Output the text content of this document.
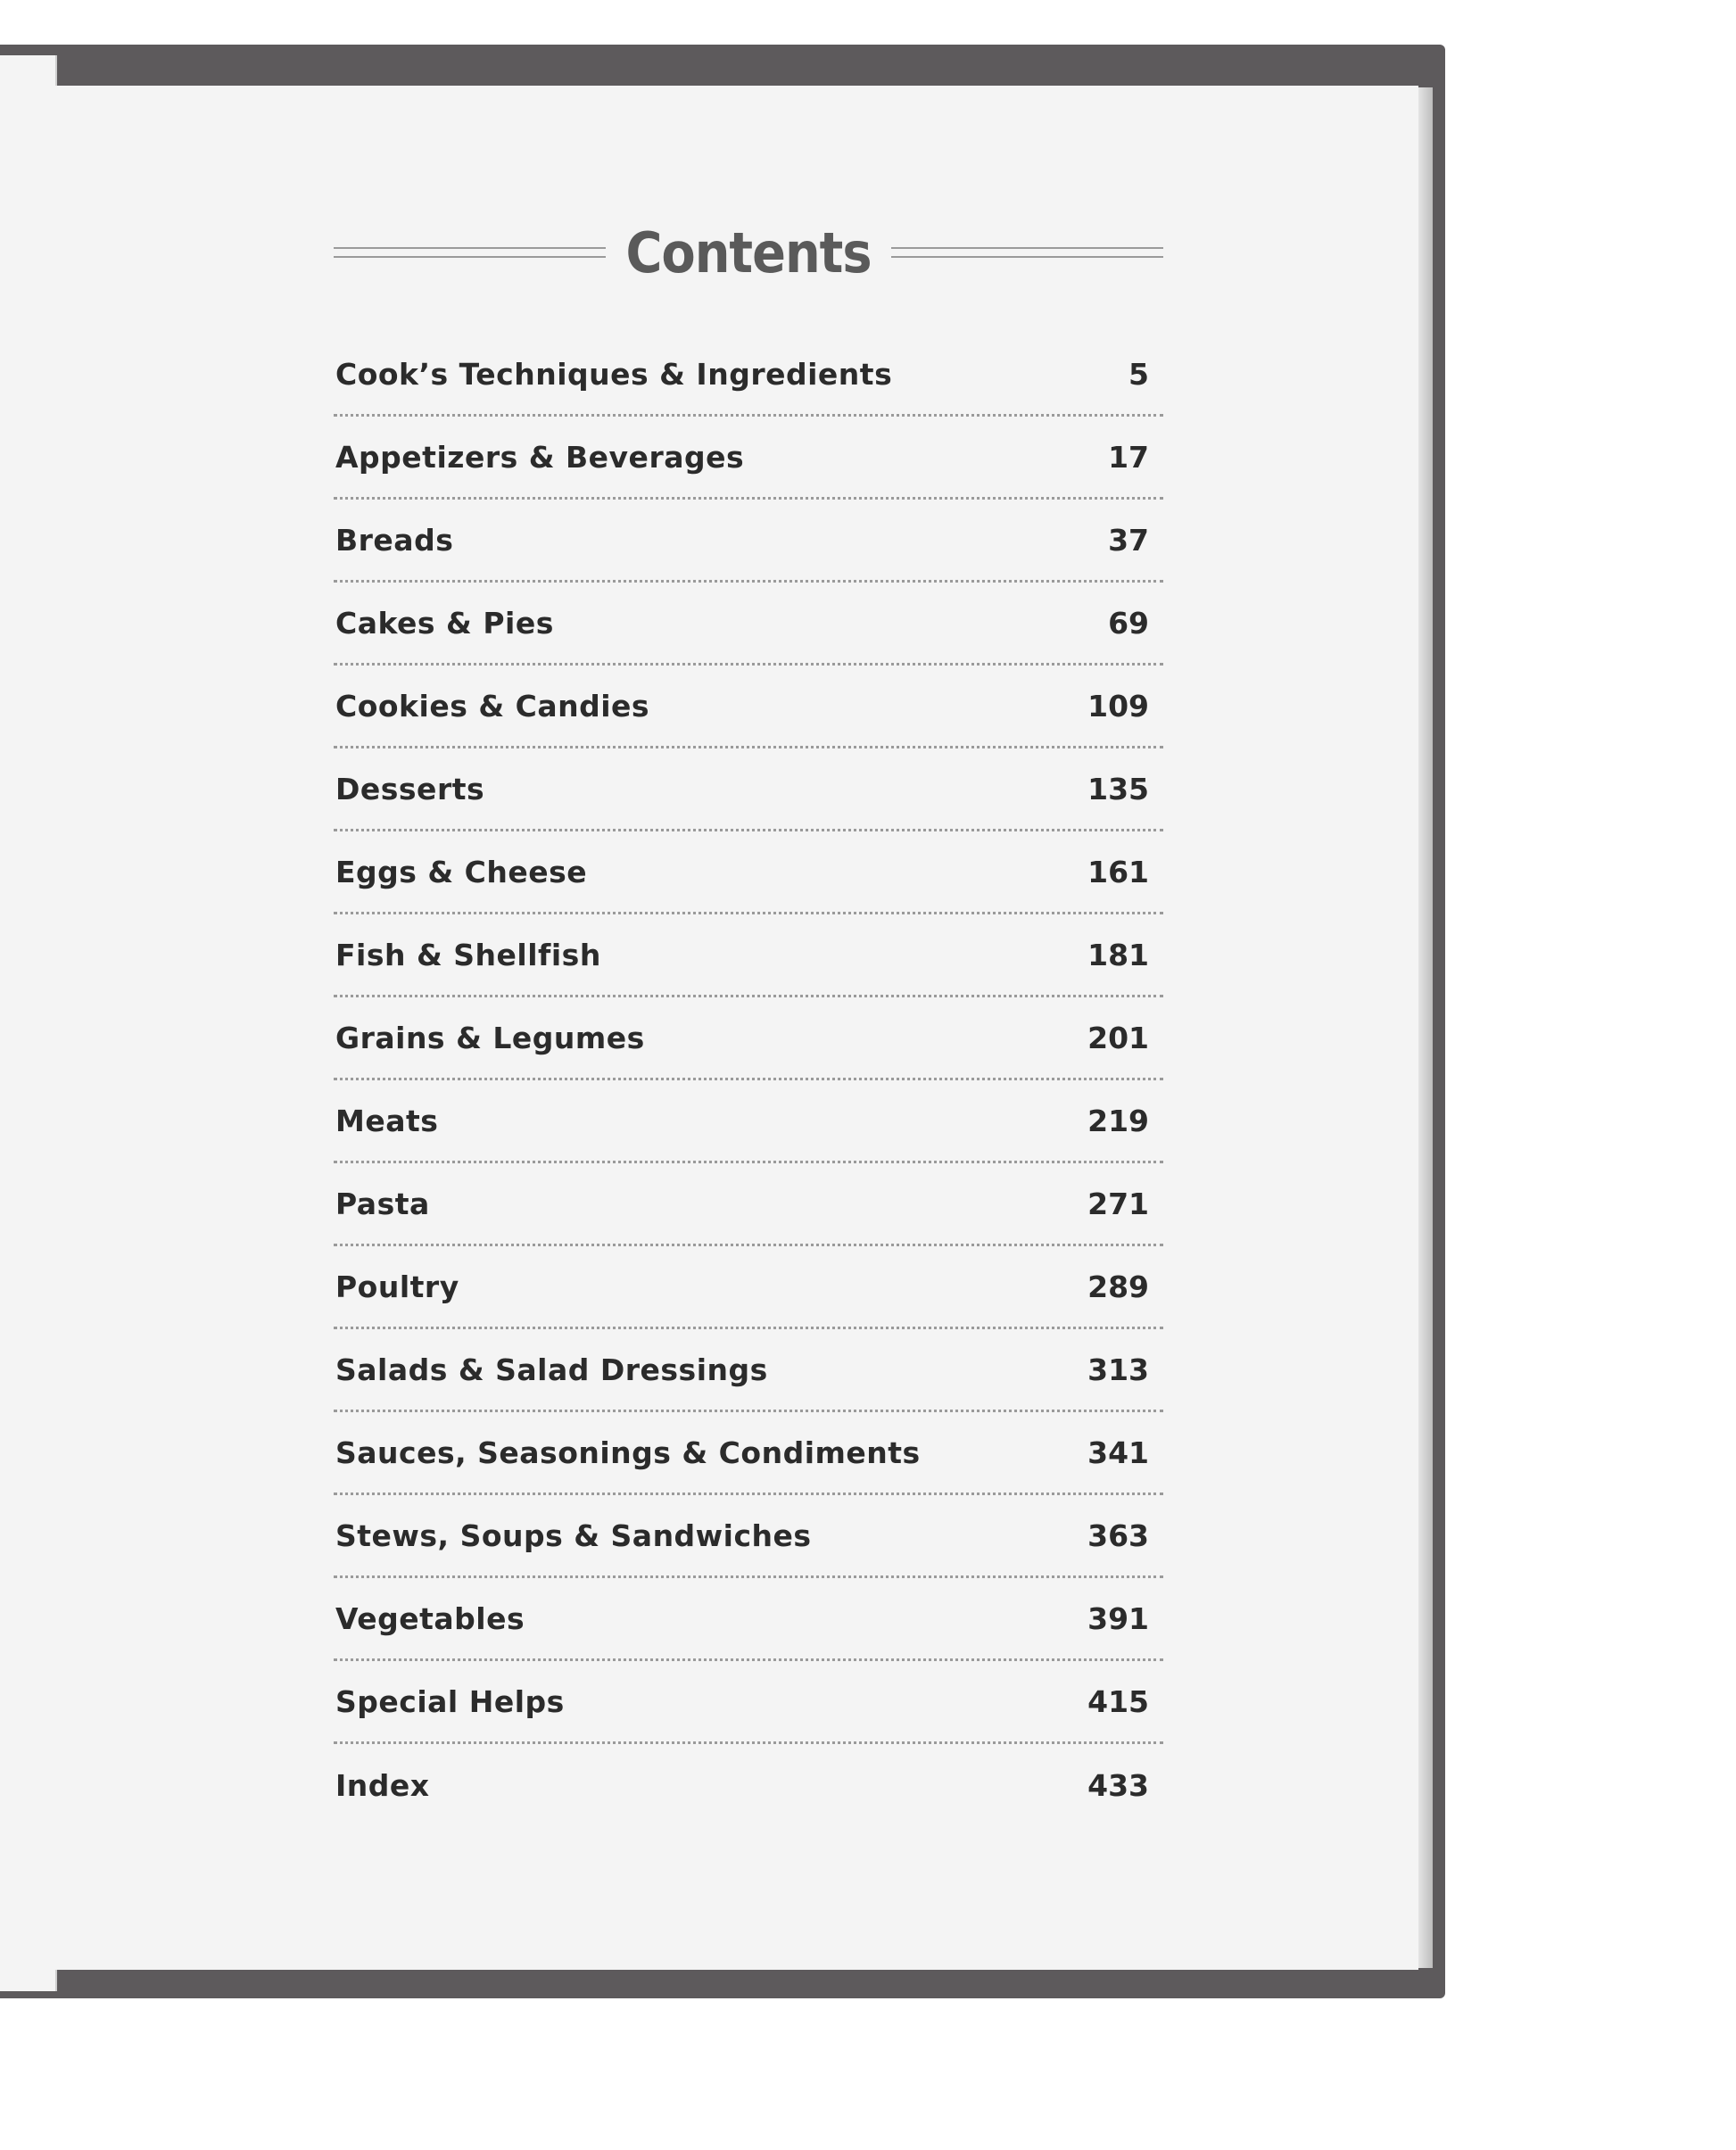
Contents
Cook’s Techniques & Ingredients	5
Appetizers & Beverages	17
Breads	37
Cakes & Pies	69
Cookies & Candies	109
Desserts	135
Eggs & Cheese	161
Fish & Shellfish	181
Grains & Legumes	201
Meats	219
Pasta	271
Poultry	289
Salads & Salad Dressings	313
Sauces, Seasonings & Condiments	341
Stews, Soups & Sandwiches	363
Vegetables	391
Special Helps	415
Index	433
